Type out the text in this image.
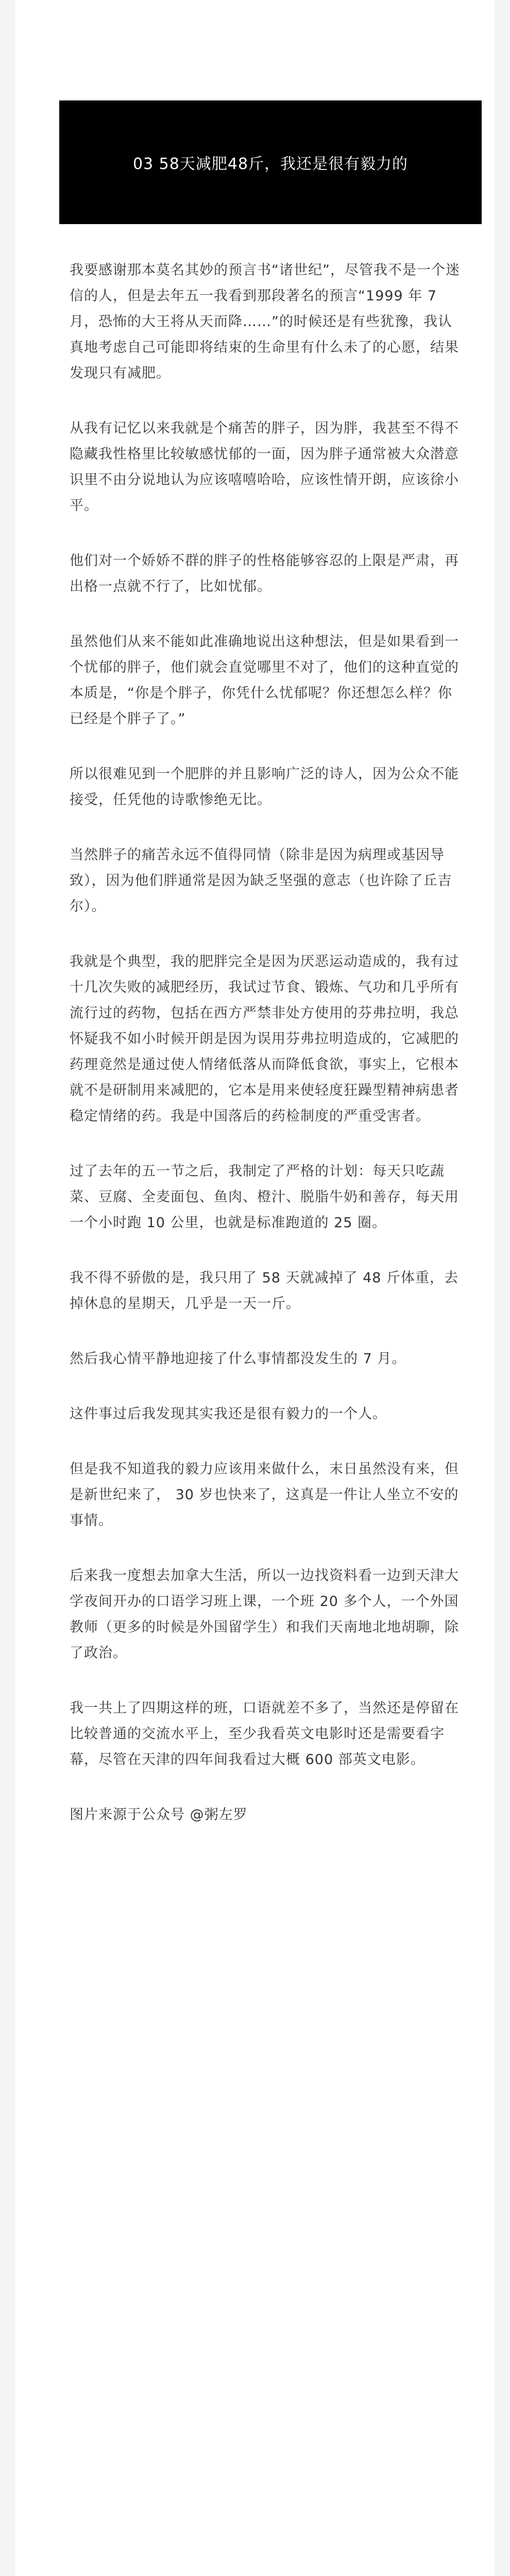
03 58天减肥48斤，我还是很有毅力的

我要感谢那本莫名其妙的预言书“诸世纪”，尽管我不是一个迷信的人，但是去年五一我看到那段著名的预言“1999 年 7 月，恐怖的大王将从天而降……”的时候还是有些犹豫，我认真地考虑自己可能即将结束的生命里有什么未了的心愿，结果发现只有减肥。

从我有记忆以来我就是个痛苦的胖子，因为胖，我甚至不得不隐藏我性格里比较敏感忧郁的一面，因为胖子通常被大众潜意识里不由分说地认为应该嘻嘻哈哈，应该性情开朗，应该徐小平。

他们对一个娇娇不群的胖子的性格能够容忍的上限是严肃，再出格一点就不行了，比如忧郁。

虽然他们从来不能如此准确地说出这种想法，但是如果看到一个忧郁的胖子，他们就会直觉哪里不对了，他们的这种直觉的本质是，“你是个胖子，你凭什么忧郁呢？你还想怎么样？你已经是个胖子了。”

所以很难见到一个肥胖的并且影响广泛的诗人，因为公众不能接受，任凭他的诗歌惨绝无比。

当然胖子的痛苦永远不值得同情（除非是因为病理或基因导致），因为他们胖通常是因为缺乏坚强的意志（也许除了丘吉尔）。

我就是个典型，我的肥胖完全是因为厌恶运动造成的，我有过十几次失败的减肥经历，我试过节食、锻炼、气功和几乎所有流行过的药物，包括在西方严禁非处方使用的芬弗拉明，我总怀疑我不如小时候开朗是因为误用芬弗拉明造成的，它减肥的药理竟然是通过使人情绪低落从而降低食欲，事实上，它根本就不是研制用来减肥的，它本是用来使轻度狂躁型精神病患者稳定情绪的药。我是中国落后的药检制度的严重受害者。

过了去年的五一节之后，我制定了严格的计划：每天只吃蔬菜、豆腐、全麦面包、鱼肉、橙汁、脱脂牛奶和善存，每天用一个小时跑 10 公里，也就是标准跑道的 25 圈。

我不得不骄傲的是，我只用了 58 天就减掉了 48 斤体重，去掉休息的星期天，几乎是一天一斤。

然后我心情平静地迎接了什么事情都没发生的 7 月。

这件事过后我发现其实我还是很有毅力的一个人。

但是我不知道我的毅力应该用来做什么，末日虽然没有来，但是新世纪来了， 30 岁也快来了，这真是一件让人坐立不安的事情。

后来我一度想去加拿大生活，所以一边找资料看一边到天津大学夜间开办的口语学习班上课，一个班 20 多个人，一个外国教师（更多的时候是外国留学生）和我们天南地北地胡聊，除了政治。

我一共上了四期这样的班，口语就差不多了，当然还是停留在比较普通的交流水平上，至少我看英文电影时还是需要看字幕，尽管在天津的四年间我看过大概 600 部英文电影。

图片来源于公众号 @粥左罗
